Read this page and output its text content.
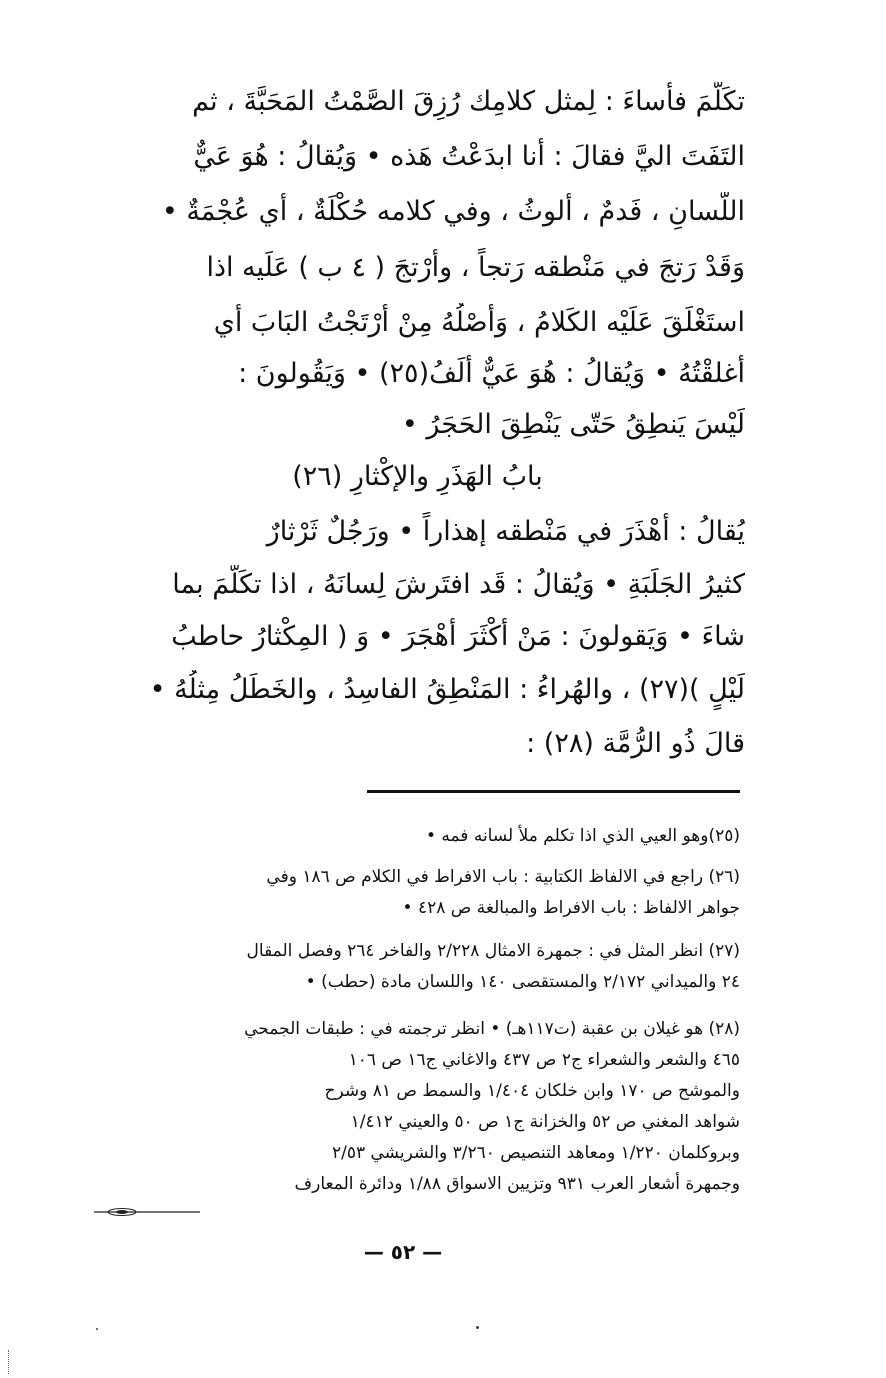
تكَلَّمَ فأساءَ : لِمثل كلامِك رُزِقَ الصَّمْتُ المَحَبَّةَ ، ثم
التَفَتَ اليَّ فقالَ : أنا ابدَعْتُ هَذه • وَيُقالُ : هُوَ عَيٌّ
اللّسانِ ، فَدمٌ ، ألوثُ ، وفي كلامه حُكْلَةٌ ، أي عُجْمَةٌ •
وَقَدْ رَتجَ في مَنْطقه رَتجاً ، وأُرْتجَ ( ٤ ب ) عَلَيه اذا
استَغْلَقَ عَلَيْه الكَلامُ ، وَأَصْلُهُ مِنْ أَرْتَجْتُ البَابَ أي
أغلقْتُهُ • وَيُقالُ : هُوَ عَيٌّ ألَفُ(٢٥) • وَيَقُولونَ :
لَيْسَ يَنطِقُ حَتّى يَنْطِقَ الحَجَرُ •
بابُ الهَذَرِ والإكْثارِ (٢٦)
يُقالُ : أهْذَرَ في مَنْطقه إهذاراً • ورَجُلٌ ثَرْثارٌ
كثيرُ الجَلَبَةِ • وَيُقالُ : قَد افتَرشَ لِسانَهُ ، اذا تكَلَّمَ بما
شاءَ • وَيَقولونَ : مَنْ أكْثَرَ أهْجَرَ • وَ ( المِكْثارُ حاطبُ
لَيْلٍ )(٢٧) ، والهُراءُ : المَنْطِقُ الفاسِدُ ، والخَطَلُ مِثلُهُ •
قالَ ذُو الرُّمَّة (٢٨) :
(٢٥)وهو العيي الذي اذا تكلم ملأ لسانه فمه •
(٢٦) راجع في الالفاظ الكتابية : باب الافراط في الكلام ص ١٨٦ وفي
جواهر الالفاظ : باب الافراط والمبالغة ص ٤٢٨ •
(٢٧) انظر المثل في : جمهرة الامثال ٢/٢٢٨ والفاخر ٢٦٤ وفصل المقال
٢٤ والميداني ٢/١٧٢ والمستقصى ١٤٠ واللسان مادة (حطب) •
(٢٨) هو غيلان بن عقبة (ت١١٧هـ) • انظر ترجمته في : طبقات الجمحي
٤٦٥ والشعر والشعراء ج٢ ص ٤٣٧ والاغاني ج١٦ ص ١٠٦
والموشح ص ١٧٠ وابن خلكان ١/٤٠٤ والسمط ص ٨١ وشرح
شواهد المغني ص ٥٢ والخزانة ج١ ص ٥٠ والعيني ١/٤١٢
وبروكلمان ١/٢٢٠ ومعاهد التنصيص ٣/٢٦٠ والشريشي ٢/٥٣
وجمهرة أشعار العرب ٩٣١ وتزيين الاسواق ١/٨٨ ودائرة المعارف
— ٥٢ —
